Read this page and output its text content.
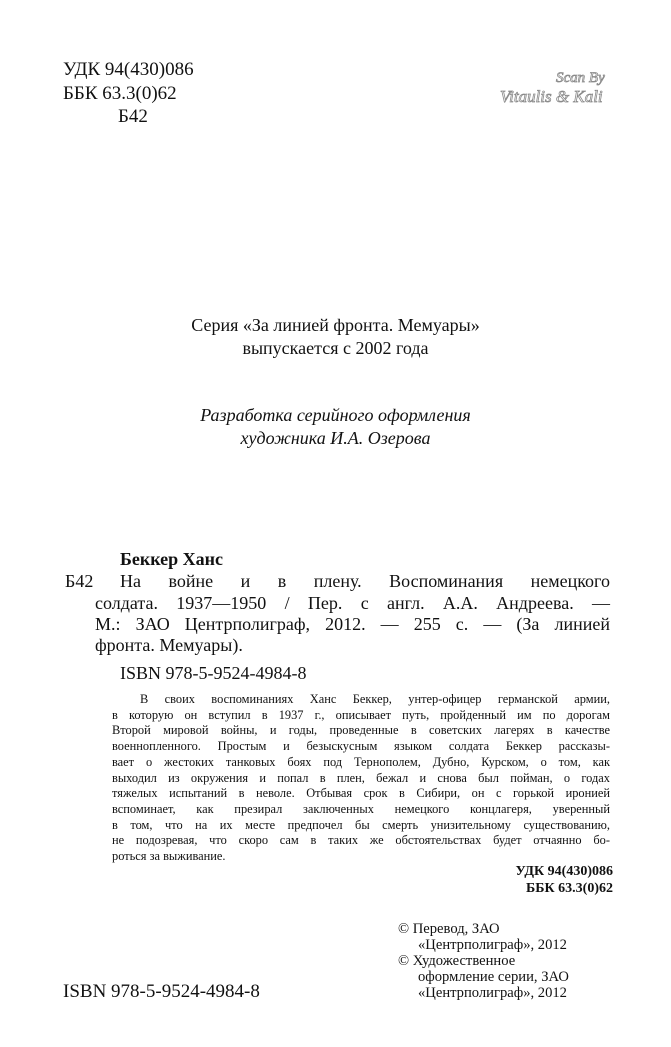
УДК 94(430)086
ББК 63.3(0)62
Б42
Scan By
Vitaulis & Kali
Серия «За линией фронта. Мемуары»
выпускается с 2002 года
Разработка серийного оформления
художника И.А. Озерова
Беккер Ханс
Б42 На войне и в плену. Воспоминания немецкого
солдата. 1937—1950 / Пер. с англ. А.А. Андреева. —
М.: ЗАО Центрполиграф, 2012. — 255 с. — (За линией
фронта. Мемуары).
ISBN 978-5-9524-4984-8
В своих воспоминаниях Ханс Беккер, унтер-офицер германской армии,
в которую он вступил в 1937 г., описывает путь, пройденный им по дорогам
Второй мировой войны, и годы, проведенные в советских лагерях в качестве
военнопленного. Простым и безыскусным языком солдата Беккер рассказы-
вает о жестоких танковых боях под Тернополем, Дубно, Курском, о том, как
выходил из окружения и попал в плен, бежал и снова был пойман, о годах
тяжелых испытаний в неволе. Отбывая срок в Сибири, он с горькой иронией
вспоминает, как презирал заключенных немецкого концлагеря, уверенный
в том, что на их месте предпочел бы смерть унизительному существованию,
не подозревая, что скоро сам в таких же обстоятельствах будет отчаянно бо-
роться за выживание.
УДК 94(430)086
ББК 63.3(0)62
© Перевод, ЗАО
«Центрполиграф», 2012
© Художественное
оформление серии, ЗАО
«Центрполиграф», 2012
ISBN 978-5-9524-4984-8
